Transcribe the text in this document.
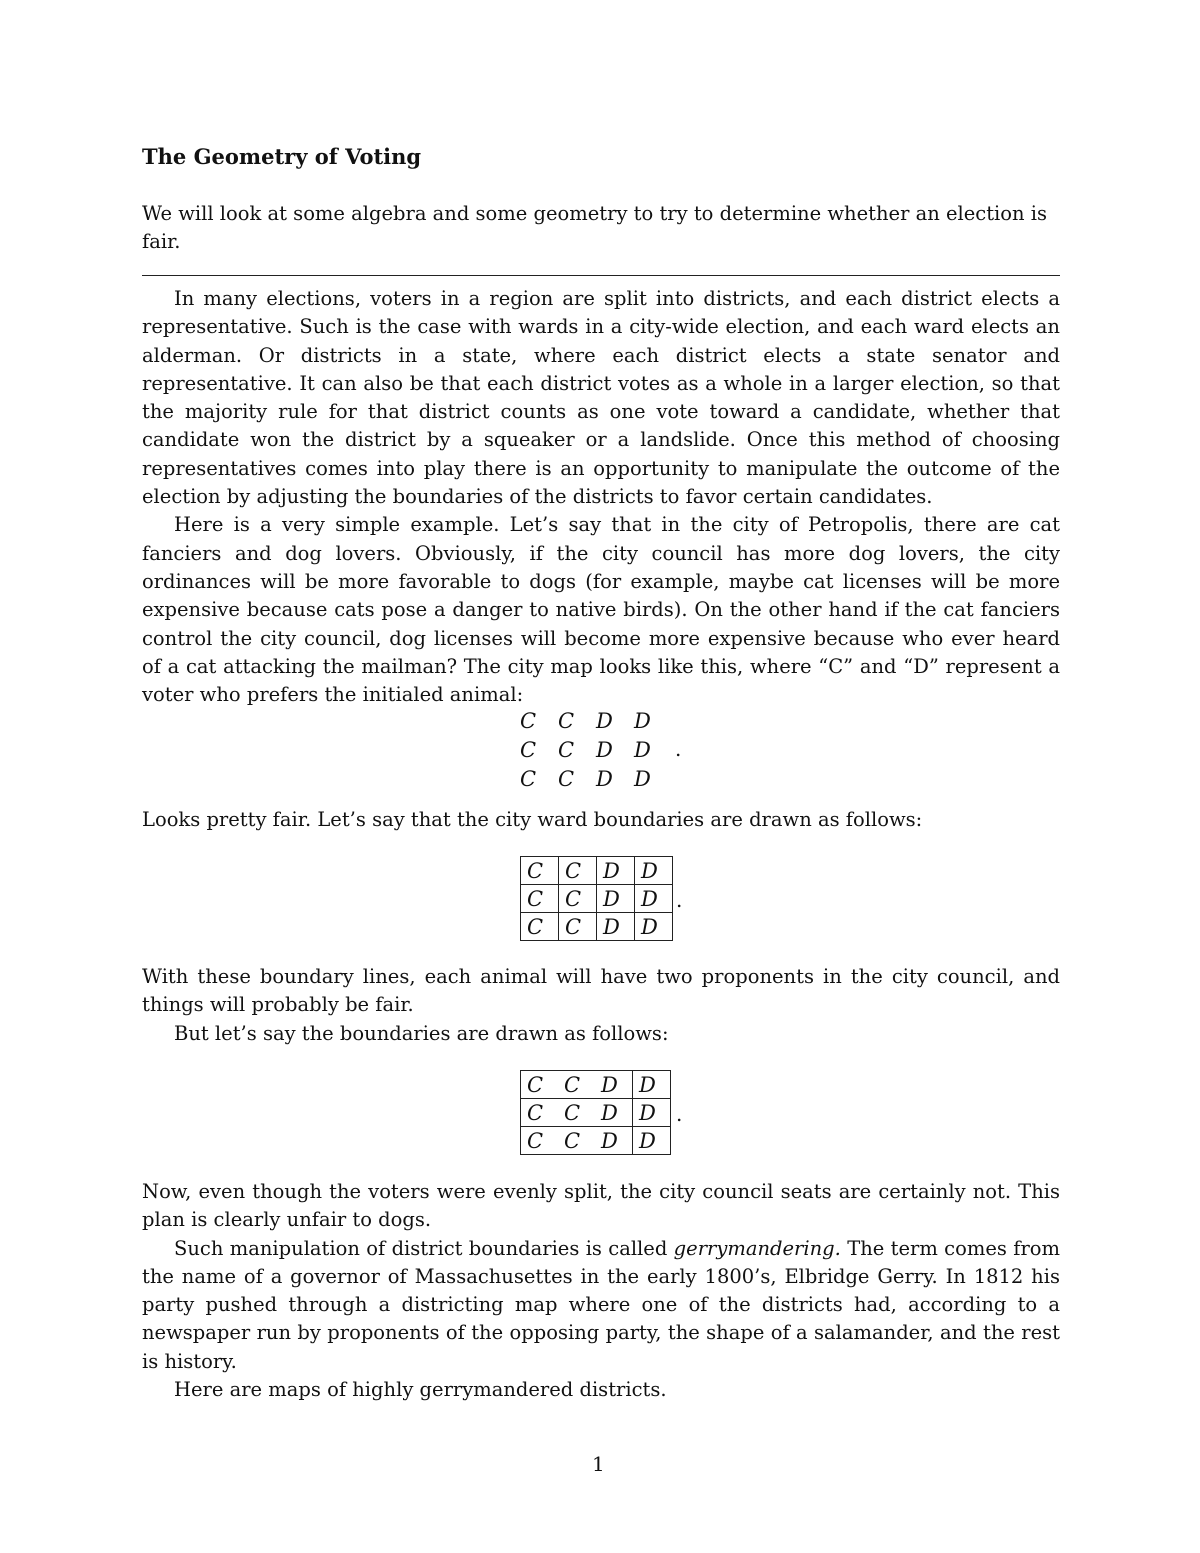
The Geometry of Voting
We will look at some algebra and some geometry to try to determine whether an election is fair.

In many elections, voters in a region are split into districts, and each district elects a representative. Such is the case with wards in a city-wide election, and each ward elects an alderman. Or districts in a state, where each district elects a state senator and representative. It can also be that each district votes as a whole in a larger election, so that the majority rule for that district counts as one vote toward a candidate, whether that candidate won the district by a squeaker or a landslide. Once this method of choosing representatives comes into play there is an opportunity to manipulate the outcome of the election by adjusting the boundaries of the districts to favor certain candidates.

Here is a very simple example. Let’s say that in the city of Petropolis, there are cat fanciers and dog lovers. Obviously, if the city council has more dog lovers, the city ordinances will be more favorable to dogs (for example, maybe cat licenses will be more expensive because cats pose a danger to native birds). On the other hand if the cat fanciers control the city council, dog licenses will become more expensive because who ever heard of a cat attacking the mailman? The city map looks like this, where “C” and “D” represent a voter who prefers the initialed animal:

C	C	D	D
C	C	D	D
C	C	D	D
.

Looks pretty fair. Let’s say that the city ward boundaries are drawn as follows:

C	C	D	D
C	C	D	D
C	C	D	D
.

With these boundary lines, each animal will have two proponents in the city council, and things will probably be fair.

But let’s say the boundaries are drawn as follows:

C	C	D	D
C	C	D	D
C	C	D	D
.

Now, even though the voters were evenly split, the city council seats are certainly not. This plan is clearly unfair to dogs.

Such manipulation of district boundaries is called gerrymandering. The term comes from the name of a governor of Massachusettes in the early 1800’s, Elbridge Gerry. In 1812 his party pushed through a districting map where one of the districts had, according to a newspaper run by proponents of the opposing party, the shape of a salamander, and the rest is history.

Here are maps of highly gerrymandered districts.

1
